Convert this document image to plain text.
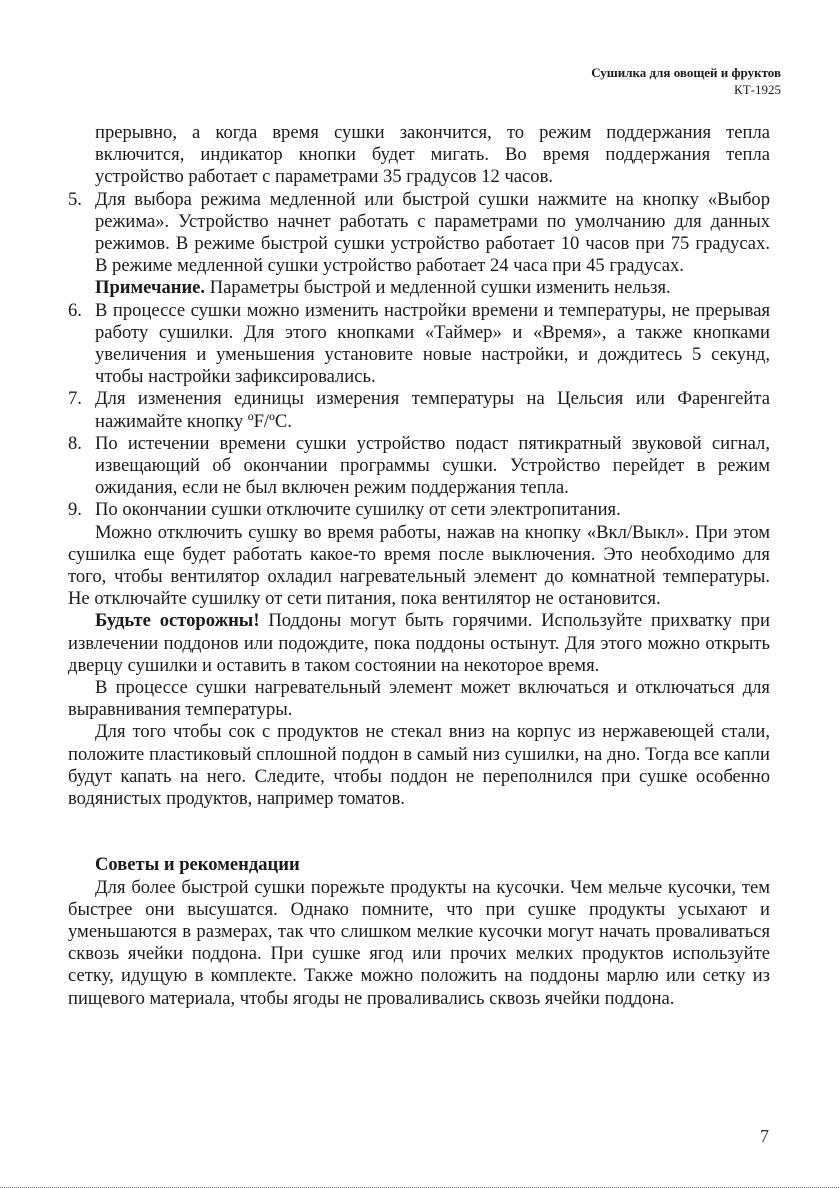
Сушилка для овощей и фруктов
КТ-1925

прерывно, а когда время сушки закончится, то режим поддержания тепла включится, индикатор кнопки будет мигать. Во время поддержания тепла устройство работает с параметрами 35 градусов 12 часов.

5. Для выбора режима медленной или быстрой сушки нажмите на кнопку «Выбор режима». Устройство начнет работать с параметрами по умолчанию для данных режимов. В режиме быстрой сушки устройство работает 10 часов при 75 градусах. В режиме медленной сушки устройство работает 24 часа при 45 градусах.

Примечание. Параметры быстрой и медленной сушки изменить нельзя.

6. В процессе сушки можно изменить настройки времени и температуры, не прерывая работу сушилки. Для этого кнопками «Таймер» и «Время», а также кнопками увеличения и уменьшения установите новые настройки, и дождитесь 5 секунд, чтобы настройки зафиксировались.

7. Для изменения единицы измерения температуры на Цельсия или Фаренгейта нажимайте кнопку ºF/ºC.

8. По истечении времени сушки устройство подаст пятикратный звуковой сигнал, извещающий об окончании программы сушки. Устройство перейдет в режим ожидания, если не был включен режим поддержания тепла.

9. По окончании сушки отключите сушилку от сети электропитания.

Можно отключить сушку во время работы, нажав на кнопку «Вкл/Выкл». При этом сушилка еще будет работать какое-то время после выключения. Это необходимо для того, чтобы вентилятор охладил нагревательный элемент до комнатной температуры. Не отключайте сушилку от сети питания, пока вентилятор не остановится.

Будьте осторожны! Поддоны могут быть горячими. Используйте прихватку при извлечении поддонов или подождите, пока поддоны остынут. Для этого можно открыть дверцу сушилки и оставить в таком состоянии на некоторое время.

В процессе сушки нагревательный элемент может включаться и отключаться для выравнивания температуры.

Для того чтобы сок с продуктов не стекал вниз на корпус из нержавеющей стали, положите пластиковый сплошной поддон в самый низ сушилки, на дно. Тогда все капли будут капать на него. Следите, чтобы поддон не переполнился при сушке особенно водянистых продуктов, например томатов.

Советы и рекомендации

Для более быстрой сушки порежьте продукты на кусочки. Чем мельче кусочки, тем быстрее они высушатся. Однако помните, что при сушке продукты усыхают и уменьшаются в размерах, так что слишком мелкие кусочки могут начать проваливаться сквозь ячейки поддона. При сушке ягод или прочих мелких продуктов используйте сетку, идущую в комплекте. Также можно положить на поддоны марлю или сетку из пищевого материала, чтобы ягоды не проваливались сквозь ячейки поддона.

7
